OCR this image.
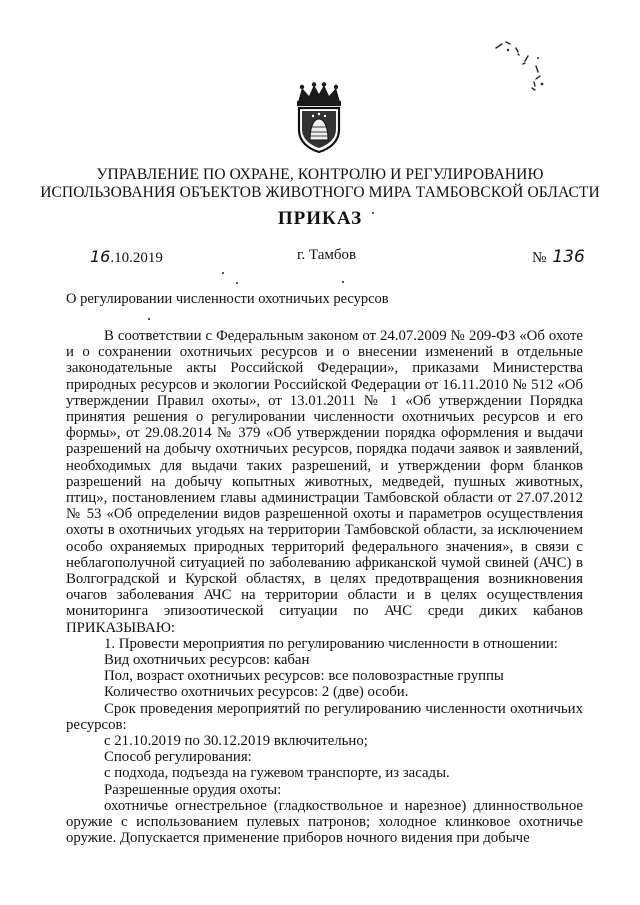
УПРАВЛЕНИЕ ПО ОХРАНЕ, КОНТРОЛЮ И РЕГУЛИРОВАНИЮ
ИСПОЛЬЗОВАНИЯ ОБЪЕКТОВ ЖИВОТНОГО МИРА ТАМБОВСКОЙ ОБЛАСТИ
ПРИКАЗ
16.10.2019	г. Тамбов	№ 136
О регулировании численности охотничьих ресурсов

В соответствии с Федеральным законом от 24.07.2009 № 209-ФЗ «Об охоте и о сохранении охотничьих ресурсов и о внесении изменений в отдельные законодательные акты Российской Федерации», приказами Министерства природных ресурсов и экологии Российской Федерации от 16.11.2010 № 512 «Об утверждении Правил охоты», от 13.01.2011 № 1 «Об утверждении Порядка принятия решения о регулировании численности охотничьих ресурсов и его формы», от 29.08.2014 № 379 «Об утверждении порядка оформления и выдачи разрешений на добычу охотничьих ресурсов, порядка подачи заявок и заявлений, необходимых для выдачи таких разрешений, и утверждении форм бланков разрешений на добычу копытных животных, медведей, пушных животных, птиц», постановлением главы администрации Тамбовской области от 27.07.2012 № 53 «Об определении видов разрешенной охоты и параметров осуществления охоты в охотничьих угодьях на территории Тамбовской области, за исключением особо охраняемых природных территорий федерального значения», в связи с неблагополучной ситуацией по заболеванию африканской чумой свиней (АЧС) в Волгоградской и Курской областях, в целях предотвращения возникновения очагов заболевания АЧС на территории области и в целях осуществления мониторинга эпизоотической ситуации по АЧС среди диких кабанов ПРИКАЗЫВАЮ:

1. Провести мероприятия по регулированию численности в отношении:

Вид охотничьих ресурсов: кабан

Пол, возраст охотничьих ресурсов: все половозрастные группы

Количество охотничьих ресурсов: 2 (две) особи.

Срок проведения мероприятий по регулированию численности охотничьих ресурсов:

с 21.10.2019 по 30.12.2019 включительно;

Способ регулирования:

с подхода, подъезда на гужевом транспорте, из засады.

Разрешенные орудия охоты:

охотничье огнестрельное (гладкоствольное и нарезное) длинноствольное оружие с использованием пулевых патронов; холодное клинковое охотничье оружие. Допускается применение приборов ночного видения при добыче
